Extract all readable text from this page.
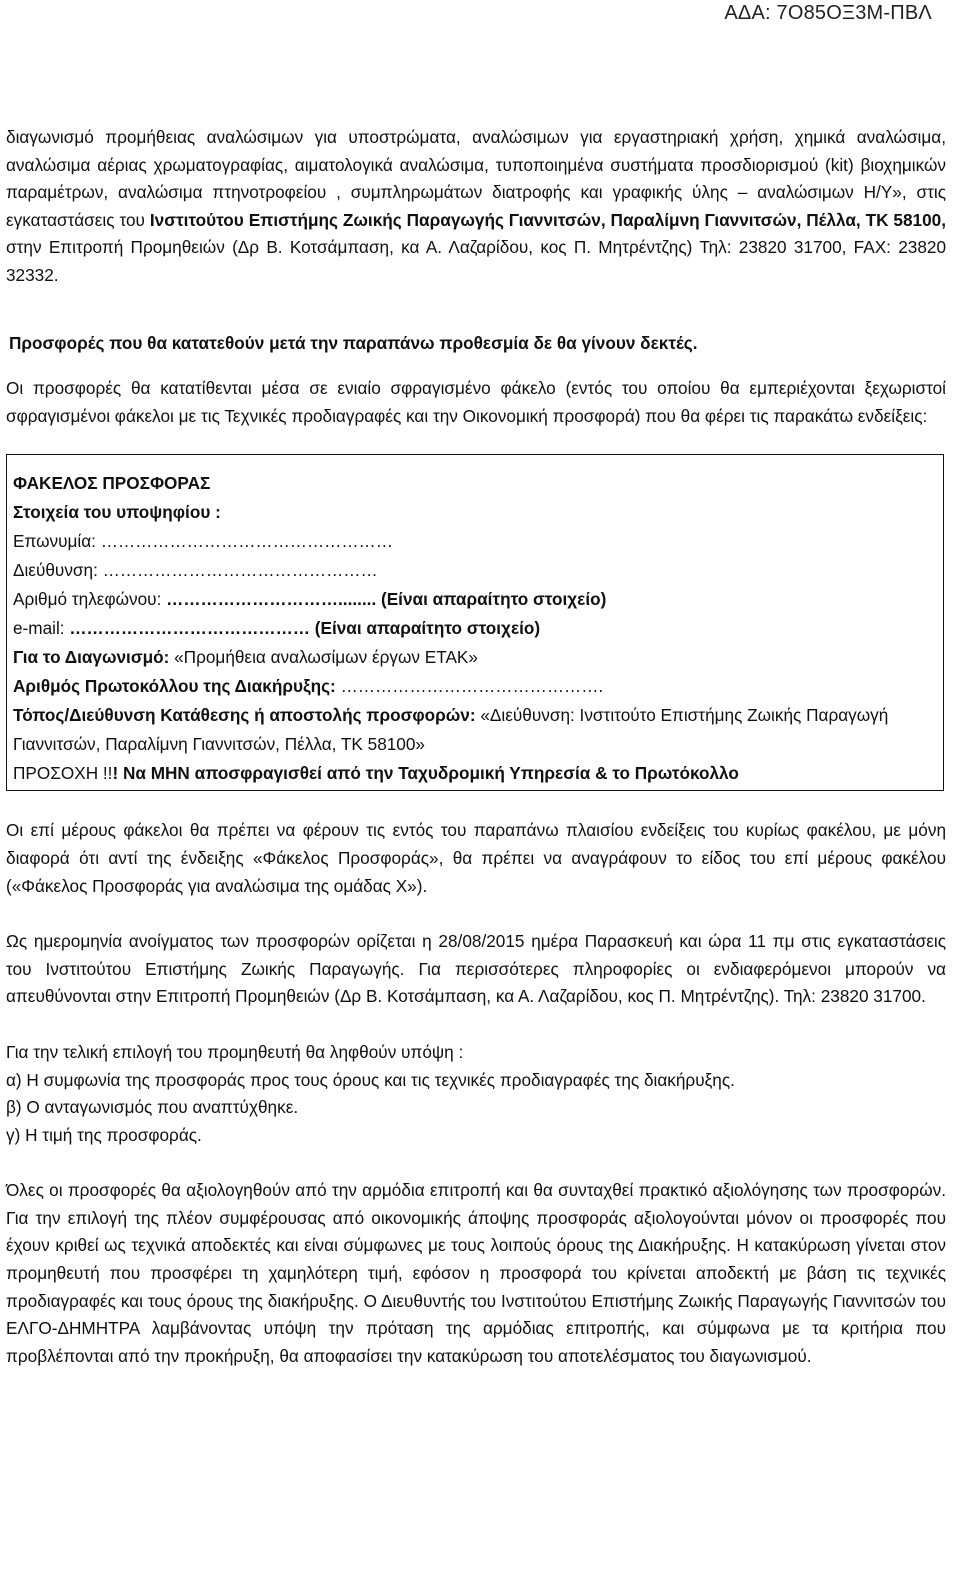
ΑΔΑ: 7Ο85ΟΞ3Μ-ΠΒΛ

διαγωνισμό προμήθειας αναλώσιμων για υποστρώματα, αναλώσιμων για εργαστηριακή χρήση, χημικά αναλώσιμα, αναλώσιμα αέριας χρωματογραφίας, αιματολογικά αναλώσιμα, τυποποιημένα συστήματα προσδιορισμού (kit) βιοχημικών παραμέτρων, αναλώσιμα πτηνοτροφείου , συμπληρωμάτων διατροφής και γραφικής ύλης – αναλώσιμων Η/Υ», στις εγκαταστάσεις του Ινστιτούτου Επιστήμης Ζωικής Παραγωγής Γιαννιτσών, Παραλίμνη Γιαννιτσών, Πέλλα, ΤΚ 58100, στην Επιτροπή Προμηθειών (Δρ Β. Κοτσάμπαση, κα Α. Λαζαρίδου, κος Π. Μητρέντζης) Τηλ: 23820 31700, FAX: 23820 32332.

Προσφορές που θα κατατεθούν μετά την παραπάνω προθεσμία δε θα γίνουν δεκτές.

Οι προσφορές θα κατατίθενται μέσα σε ενιαίο σφραγισμένο φάκελο (εντός του οποίου θα εμπεριέχονται ξεχωριστοί σφραγισμένοι φάκελοι με τις Τεχνικές προδιαγραφές και την Οικονομική προσφορά) που θα φέρει τις παρακάτω ενδείξεις:

ΦΑΚΕΛΟΣ ΠΡΟΣΦΟΡΑΣ
Στοιχεία του υποψηφίου :
Επωνυμία: ……………………………………………
Διεύθυνση: …………………………………………
Αριθμό τηλεφώνου: …………………………........ (Είναι απαραίτητο στοιχείο)
e-mail: …………………………………… (Είναι απαραίτητο στοιχείο)
Για το Διαγωνισμό: «Προμήθεια αναλωσίμων έργων ΕΤΑΚ»
Αριθμός Πρωτοκόλλου της Διακήρυξης: ……………………………………….
Τόπος/Διεύθυνση Κατάθεσης ή αποστολής προσφορών: «Διεύθυνση: Ινστιτούτο Επιστήμης Ζωικής Παραγωγή Γιαννιτσών, Παραλίμνη Γιαννιτσών, Πέλλα, ΤΚ 58100»
ΠΡΟΣΟΧΗ !!! Να ΜΗΝ αποσφραγισθεί από την Ταχυδρομική Υπηρεσία & το Πρωτόκολλο

Οι επί μέρους φάκελοι θα πρέπει να φέρουν τις εντός του παραπάνω πλαισίου ενδείξεις του κυρίως φακέλου, με μόνη διαφορά ότι αντί της ένδειξης «Φάκελος Προσφοράς», θα πρέπει να αναγράφουν το είδος του επί μέρους φακέλου («Φάκελος Προσφοράς για αναλώσιμα της ομάδας Χ»).

Ως ημερομηνία ανοίγματος των προσφορών ορίζεται η 28/08/2015 ημέρα Παρασκευή και ώρα 11 πμ στις εγκαταστάσεις του Ινστιτούτου Επιστήμης Ζωικής Παραγωγής. Για περισσότερες πληροφορίες οι ενδιαφερόμενοι μπορούν να απευθύνονται στην Επιτροπή Προμηθειών (Δρ Β. Κοτσάμπαση, κα Α. Λαζαρίδου, κος Π. Μητρέντζης). Τηλ: 23820 31700.

Για την τελική επιλογή του προμηθευτή θα ληφθούν υπόψη :

α) Η συμφωνία της προσφοράς προς τους όρους και τις τεχνικές προδιαγραφές της διακήρυξης.

β) Ο ανταγωνισμός που αναπτύχθηκε.

γ) Η τιμή της προσφοράς.

Όλες οι προσφορές θα αξιολογηθούν από την αρμόδια επιτροπή και θα συνταχθεί πρακτικό αξιολόγησης των προσφορών. Για την επιλογή της πλέον συμφέρουσας από οικονομικής άποψης προσφοράς αξιολογούνται μόνον οι προσφορές που έχουν κριθεί ως τεχνικά αποδεκτές και είναι σύμφωνες με τους λοιπούς όρους της Διακήρυξης. Η κατακύρωση γίνεται στον προμηθευτή που προσφέρει τη χαμηλότερη τιμή, εφόσον η προσφορά του κρίνεται αποδεκτή με βάση τις τεχνικές προδιαγραφές και τους όρους της διακήρυξης. Ο Διευθυντής του Ινστιτούτου Επιστήμης Ζωικής Παραγωγής Γιαννιτσών του ΕΛΓΟ-ΔΗΜΗΤΡΑ λαμβάνοντας υπόψη την πρόταση της αρμόδιας επιτροπής, και σύμφωνα με τα κριτήρια που προβλέπονται από την προκήρυξη, θα αποφασίσει την κατακύρωση του αποτελέσματος του διαγωνισμού.
